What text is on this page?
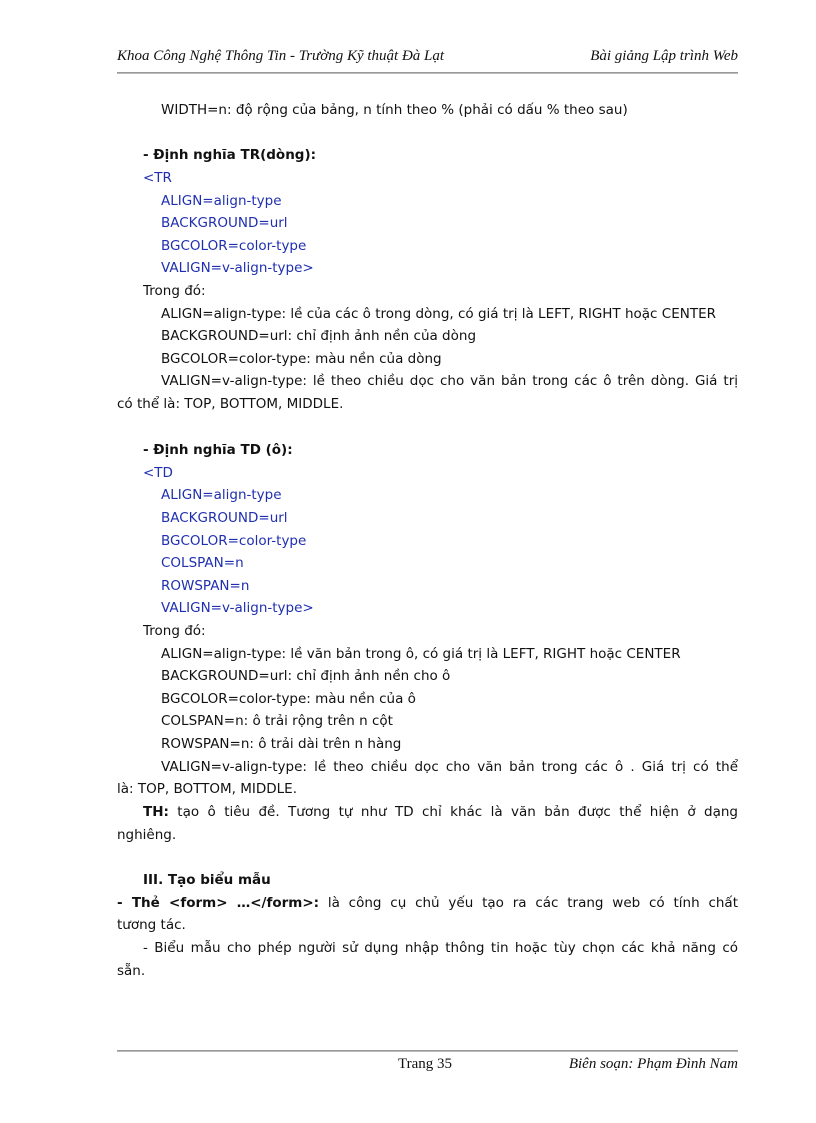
Khoa Công Nghệ Thông Tin - Trường Kỹ thuật Đà Lạt	Bài giảng Lập trình Web
WIDTH=n: độ rộng của bảng, n tính theo % (phải có dấu % theo sau)
- Định nghĩa TR(dòng):
<TR
ALIGN=align-type
BACKGROUND=url
BGCOLOR=color-type
VALIGN=v-align-type>
Trong đó:
ALIGN=align-type: lề của các ô trong dòng, có giá trị là LEFT, RIGHT hoặc CENTER
BACKGROUND=url: chỉ định ảnh nền của dòng
BGCOLOR=color-type: màu nền của dòng
VALIGN=v-align-type: lề theo chiều dọc cho văn bản trong các ô trên dòng. Giá trị
có thể là: TOP, BOTTOM, MIDDLE.
- Định nghĩa TD (ô):
<TD
ALIGN=align-type
BACKGROUND=url
BGCOLOR=color-type
COLSPAN=n
ROWSPAN=n
VALIGN=v-align-type>
Trong đó:
ALIGN=align-type: lề văn bản trong ô, có giá trị là LEFT, RIGHT hoặc CENTER
BACKGROUND=url: chỉ định ảnh nền cho ô
BGCOLOR=color-type: màu nền của ô
COLSPAN=n: ô trải rộng trên n cột
ROWSPAN=n: ô trải dài trên n hàng
VALIGN=v-align-type: lề theo chiều dọc cho văn bản trong các ô . Giá trị có thể
là: TOP, BOTTOM, MIDDLE.
TH: tạo ô tiêu đề. Tương tự như TD chỉ khác là văn bản được thể hiện ở dạng
nghiêng.
III. Tạo biểu mẫu
- Thẻ <form> …</form>: là công cụ chủ yếu tạo ra các trang web có tính chất
tương tác.
- Biểu mẫu cho phép người sử dụng nhập thông tin hoặc tùy chọn các khả năng có
sẵn.
Trang 35	Biên soạn: Phạm Đình Nam
